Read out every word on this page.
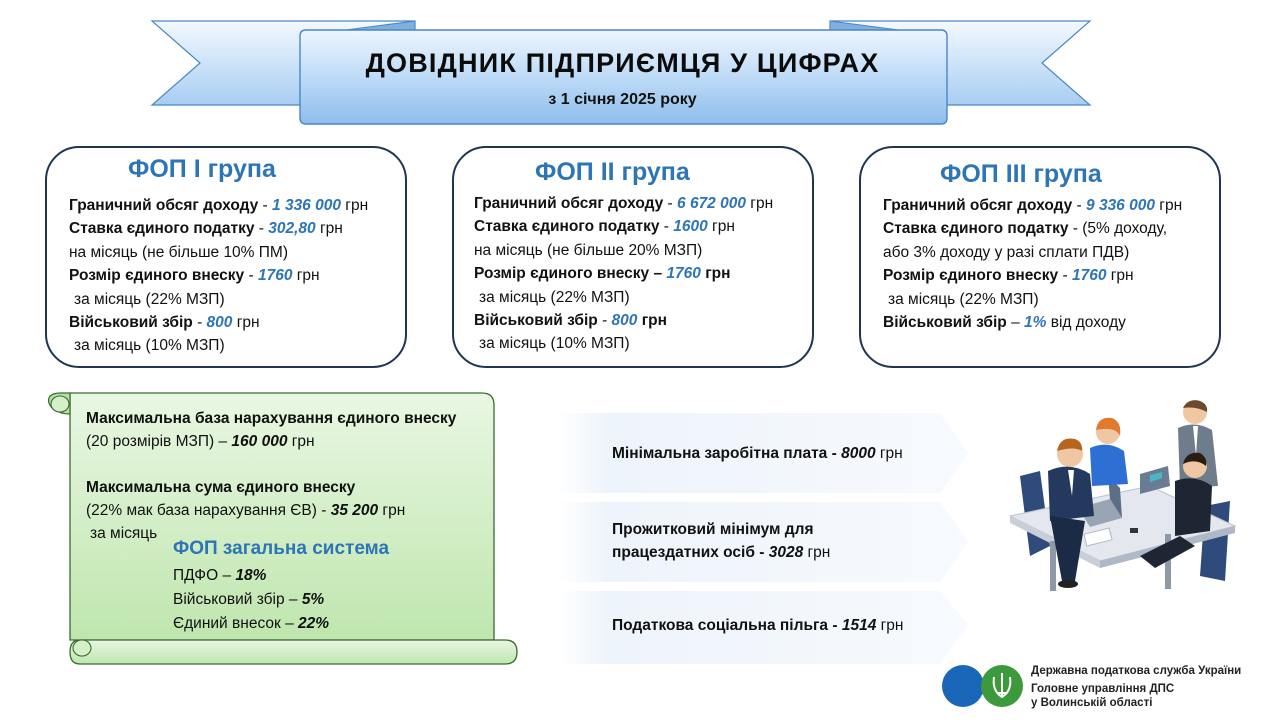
ДОВІДНИК ПІДПРИЄМЦЯ У ЦИФРАХ
з 1 січня 2025 року
ФОП І група
Граничний обсяг доходу - 1 336 000 грн
Ставка єдиного податку - 302,80 грн
на місяць (не більше 10% ПМ)
Розмір єдиного внеску - 1760 грн
за місяць (22% МЗП)
Військовий збір - 800 грн
за місяць (10% МЗП)
ФОП ІІ група
Граничний обсяг доходу - 6 672 000 грн
Ставка єдиного податку - 1600 грн
на місяць (не більше 20% МЗП)
Розмір єдиного внеску – 1760 грн
за місяць (22% МЗП)
Військовий збір - 800 грн
за місяць (10% МЗП)
ФОП ІІІ група
Граничний обсяг доходу - 9 336 000 грн
Ставка єдиного податку - (5% доходу,
або 3% доходу у разі сплати ПДВ)
Розмір єдиного внеску - 1760 грн
за місяць (22% МЗП)
Військовий збір – 1% від доходу
Максимальна база нарахування єдиного внеску
(20 розмірів МЗП) – 160 000 грн
Максимальна сума єдиного внеску
(22% мак база нарахування ЄВ) - 35 200 грн
за місяць
ФОП загальна система
ПДФО – 18%
Військовий збір – 5%
Єдиний внесок – 22%
Мінімальна заробітна плата - 8000 грн
Прожитковий мінімум для
працездатних осіб - 3028 грн
Податкова соціальна пільга - 1514 грн
Державна податкова служба України
Головне управління ДПС
у Волинській області
